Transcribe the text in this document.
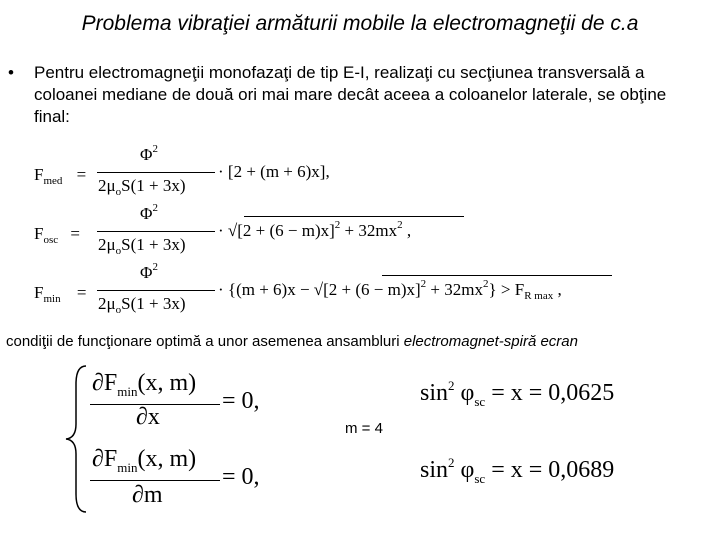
Problema vibraţiei armăturii mobile la electromagneţii de c.a
• Pentru electromagneţii monofazaţi de tip E-I, realizaţi cu secţiunea transversală a coloanei mediane de două ori mai mare decât aceea a coloanelor laterale, se obţine final:
$F_{med}$ =
$\Phi^2$
$2\mu_oS(1 + 3x)$
· [2 + (m + 6)x],
$F_{osc}$ =
$\Phi^2$
$2\mu_oS(1 + 3x)$
· $√[2 + (6 - m)x]^2 + 32mx^2$ ,
$F_{min}$ =
$\Phi^2$
$2\mu_oS(1 + 3x)$
· $\{(m + 6)x - √[2 + (6 - m)x]^2 + 32mx^2\} > F_{R max}$ ,
condiţii de funcţionare optimă a unor asemenea ansambluri electromagnet-spiră ecran
$\partial F_{min}(x$, m)
∂x
= 0,
$\partial F_{min}(x$, m)
∂m
= 0,
m = 4
$\sin^2 \varphi_{sc} = x = 0,0625$
$\sin^2 \varphi_{sc} = x = 0,0689$
